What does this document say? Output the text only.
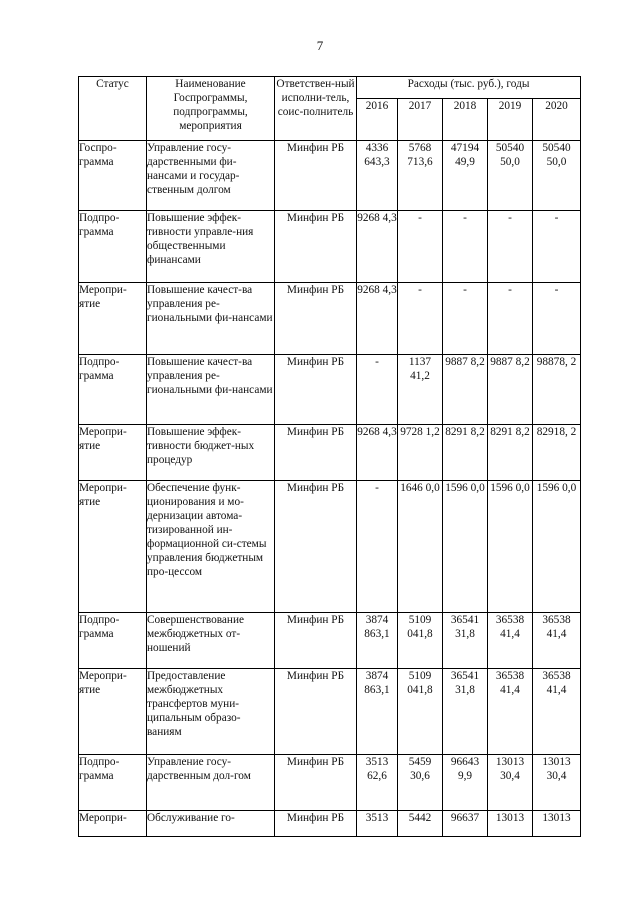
7
Статус	Наименование Госпрограммы, подпрограммы, мероприятия	Ответствен-ный исполни-тель, соис-полнитель	Расходы (тыс. руб.), годы				
			2016	2017	2018	2019	2020
Госпро-грамма	Управление госу-дарственными фи-нансами и государ-ственным долгом	Минфин РБ	4336 643,3	5768 713,6	47194 49,9	50540 50,0	50540 50,0
Подпро-грамма	Повышение эффек-тивности управле-ния общественными финансами	Минфин РБ	9268 4,3	-	-	-	-
Меропри-ятие	Повышение качест-ва управления ре-гиональными фи-нансами	Минфин РБ	9268 4,3	-	-	-	-
Подпро-грамма	Повышение качест-ва управления ре-гиональными фи-нансами	Минфин РБ	-	1137 41,2	9887 8,2	9887 8,2	98878, 2
Меропри-ятие	Повышение эффек-тивности бюджет-ных процедур	Минфин РБ	9268 4,3	9728 1,2	8291 8,2	8291 8,2	82918, 2
Меропри-ятие	Обеспечение функ-ционирования и мо-дернизации автома-тизированной ин-формационной си-стемы управления бюджетным про-цессом	Минфин РБ	-	1646 0,0	1596 0,0	1596 0,0	1596 0,0
Подпро-грамма	Совершенствование межбюджетных от-ношений	Минфин РБ	3874 863,1	5109 041,8	36541 31,8	36538 41,4	36538 41,4
Меропри-ятие	Предоставление межбюджетных трансфертов муни-ципальным образо-ваниям	Минфин РБ	3874 863,1	5109 041,8	36541 31,8	36538 41,4	36538 41,4
Подпро-грамма	Управление госу-дарственным дол-гом	Минфин РБ	3513 62,6	5459 30,6	96643 9,9	13013 30,4	13013 30,4
Меропри-	Обслуживание го-	Минфин РБ	3513	5442	96637	13013	13013
